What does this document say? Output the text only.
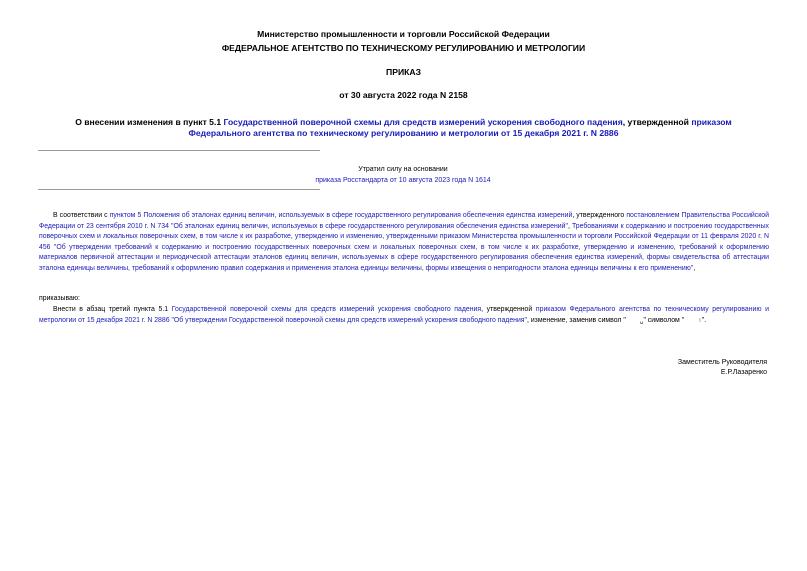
Министерство промышленности и торговли Российской Федерации
ФЕДЕРАЛЬНОЕ АГЕНТСТВО ПО ТЕХНИЧЕСКОМУ РЕГУЛИРОВАНИЮ И МЕТРОЛОГИИ
ПРИКАЗ
от 30 августа 2022 года N 2158
О внесении изменения в пункт 5.1 Государственной поверочной схемы для средств измерений ускорения свободного падения, утвержденной приказом Федерального агентства по техническому регулированию и метрологии от 15 декабря 2021 г. N 2886
Утратил силу на основании
приказа Росстандарта от 10 августа 2023 года N 1614
В соответствии с пунктом 5 Положения об эталонах единиц величин, используемых в сфере государственного регулирования обеспечения единства измерений, утвержденного постановлением Правительства Российской Федерации от 23 сентября 2010 г. N 734 "Об эталонах единиц величин, используемых в сфере государственного регулирования обеспечения единства измерений", Требованиями к содержанию и построению государственных поверочных схем и локальных поверочных схем, в том числе к их разработке, утверждению и изменению, утвержденными приказом Министерства промышленности и торговли Российской Федерации от 11 февраля 2020 г. N 456 "Об утверждении требований к содержанию и построению государственных поверочных схем и локальных поверочных схем, в том числе к их разработке, утверждению и изменению, требований к оформлению материалов первичной аттестации и периодической аттестации эталонов единиц величин, используемых в сфере государственного регулирования обеспечения единства измерений, формы свидетельства об аттестации эталона единицы величины, требований к оформлению правил содержания и применения эталона единицы величины, формы извещения о непригодности эталона единицы величины к его применению",
приказываю:
Внести в абзац третий пункта 5.1 Государственной поверочной схемы для средств измерений ускорения свободного падения, утвержденной приказом Федерального агентства по техническому регулированию и метрологии от 15 декабря 2021 г. N 2886 "Об утверждении Государственной поверочной схемы для средств измерений ускорения свободного падения", изменение, заменив символ " ␣" символом " ∶".
Заместитель Руководителя
Е.Р.Лазаренко
